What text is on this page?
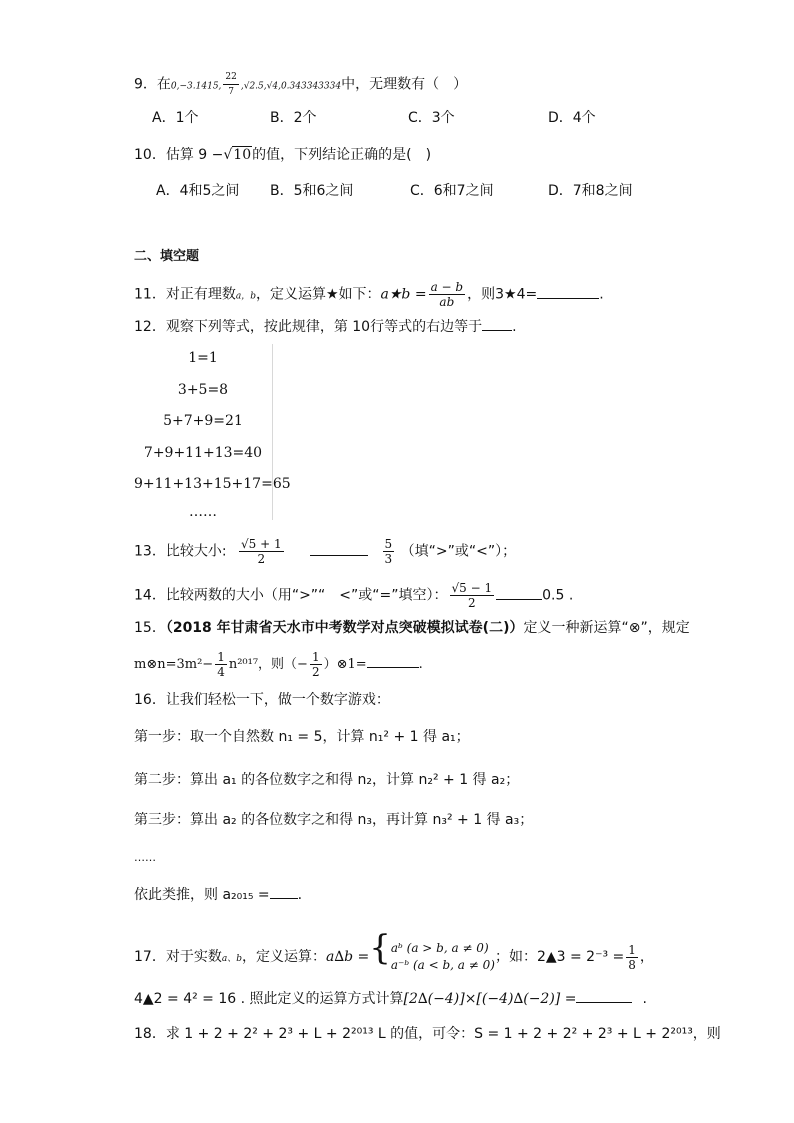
9．在0,−3.1415, $\frac{22}{7} ,√2.5,√4,0.343343334$中，无理数有（　）
A．1个	B．2个	C．3个	D．4个
10．估算 9 −√10的值，下列结论正确的是(　)
A．4和5之间 B．5和6之间	C．6和7之间	D．7和8之间
二、填空题
11．对正有理数a，b，定义运算★如下：a★b = $\frac{a - b}{ab}$ ，则3★4=	.
12．观察下列等式，按此规律，第 10行等式的右边等于 .
1=1
3+5=8
5+7+9=21
7+9+11+13=40
9+11+13+15+17=65
……
13．比较大小: $\frac{√5 + 1}{2}$
	$\frac{5}{3}$ （填“>”或“<”）；
14．比较两数的大小（用“>”“　<”或“=”填空）： $\frac{√5 - 1}{2}$	0.5 .
15．（2018 年甘肃省天水市中考数学对点突破模拟试卷(二)）定义一种新运算“⊗”，规定
m⊗n=3m²− $\frac{1}{4} n^{2017}$，则（− $\frac{1}{2}$ ）⊗1=	.
16．让我们轻松一下，做一个数字游戏：
第一步：取一个自然数 n₁ = 5，计算 n₁² + 1 得 a₁；
第二步：算出 a₁ 的各位数字之和得 n₂，计算 n₂² + 1 得 a₂；
第三步：算出 a₂ 的各位数字之和得 n₃，再计算 n₃² + 1 得 a₃；
……
依此类推，则 a₂₀₁₅ = .
17．对于实数a、b，定义运算：a∆b ={ aᵇ (a > b, a ≠ 0)
a⁻ᵇ (a < b, a ≠ 0) ；如：2▲3 = $2^{-3} = \frac{1}{8}$ ，
4▲2 = 4² = 16 . 照此定义的运算方式计算[2∆(−4)]×[(−4)∆(−2)] =	.
18．求 1 + 2 + 2² + 2³ + L + 2²⁰¹³ L 的值，可令：S = 1 + 2 + 2² + 2³ + L + 2²⁰¹³，则
